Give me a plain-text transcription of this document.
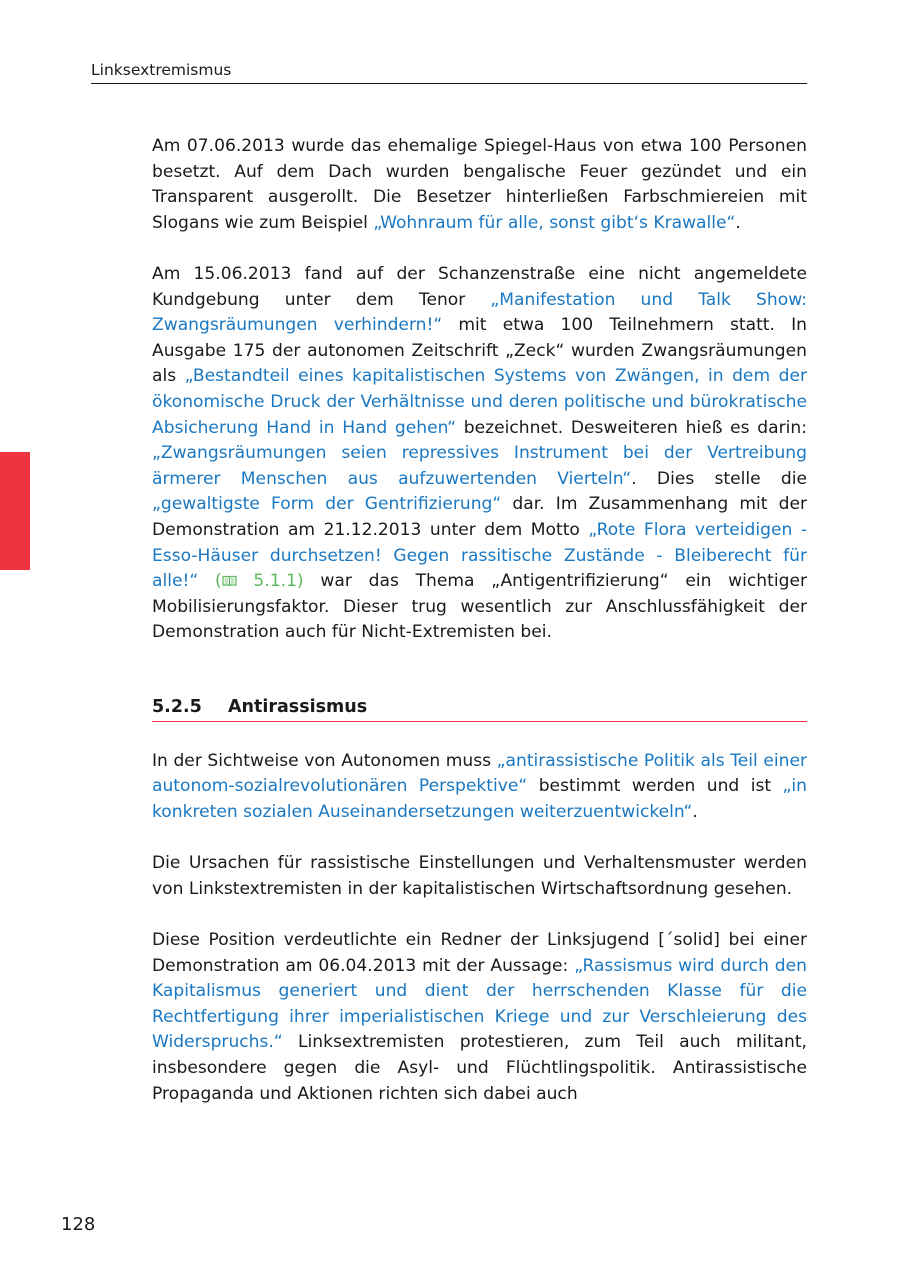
Linksextremismus

Am 07.06.2013 wurde das ehemalige Spiegel-Haus von etwa 100 Personen besetzt. Auf dem Dach wurden bengalische Feuer gezündet und ein Transparent ausgerollt. Die Besetzer hinterließen Farbschmiereien mit Slogans wie zum Beispiel „Wohnraum für alle, sonst gibt‘s Krawalle“.

Am 15.06.2013 fand auf der Schanzenstraße eine nicht angemeldete Kundgebung unter dem Tenor „Manifestation und Talk Show: Zwangsräumungen verhindern!“ mit etwa 100 Teilnehmern statt. In Ausgabe 175 der autonomen Zeitschrift „Zeck“ wurden Zwangsräumungen als „Bestandteil eines kapitalistischen Systems von Zwängen, in dem der ökonomische Druck der Verhältnisse und deren politische und bürokratische Absicherung Hand in Hand gehen“ bezeichnet. Desweiteren hieß es darin: „Zwangsräumungen seien repressives Instrument bei der Vertreibung ärmerer Menschen aus aufzuwertenden Vierteln“. Dies stelle die „gewaltigste Form der Gentrifizierung“ dar. Im Zusammenhang mit der Demonstration am 21.12.2013 unter dem Motto „Rote Flora verteidigen - Esso-Häuser durchsetzen! Gegen rassitische Zustände - Bleiberecht für alle!“ ( 5.1.1) war das Thema „Antigentrifizierung“ ein wichtiger Mobilisierungsfaktor. Dieser trug wesentlich zur Anschlussfähigkeit der Demonstration auch für Nicht-Extremisten bei.

5.2.5 Antirassismus

In der Sichtweise von Autonomen muss „antirassistische Politik als Teil einer autonom-sozialrevolutionären Perspektive“ bestimmt werden und ist „in konkreten sozialen Auseinandersetzungen weiterzuentwickeln“.

Die Ursachen für rassistische Einstellungen und Verhaltensmuster werden von Linkstextremisten in der kapitalistischen Wirtschaftsordnung gesehen.

Diese Position verdeutlichte ein Redner der Linksjugend [´solid] bei einer Demonstration am 06.04.2013 mit der Aussage: „Rassismus wird durch den Kapitalismus generiert und dient der herrschenden Klasse für die Rechtfertigung ihrer imperialistischen Kriege und zur Verschleierung des Widerspruchs.“ Linksextremisten protestieren, zum Teil auch militant, insbesondere gegen die Asyl- und Flüchtlingspolitik. Antirassistische Propaganda und Aktionen richten sich dabei auch

128
